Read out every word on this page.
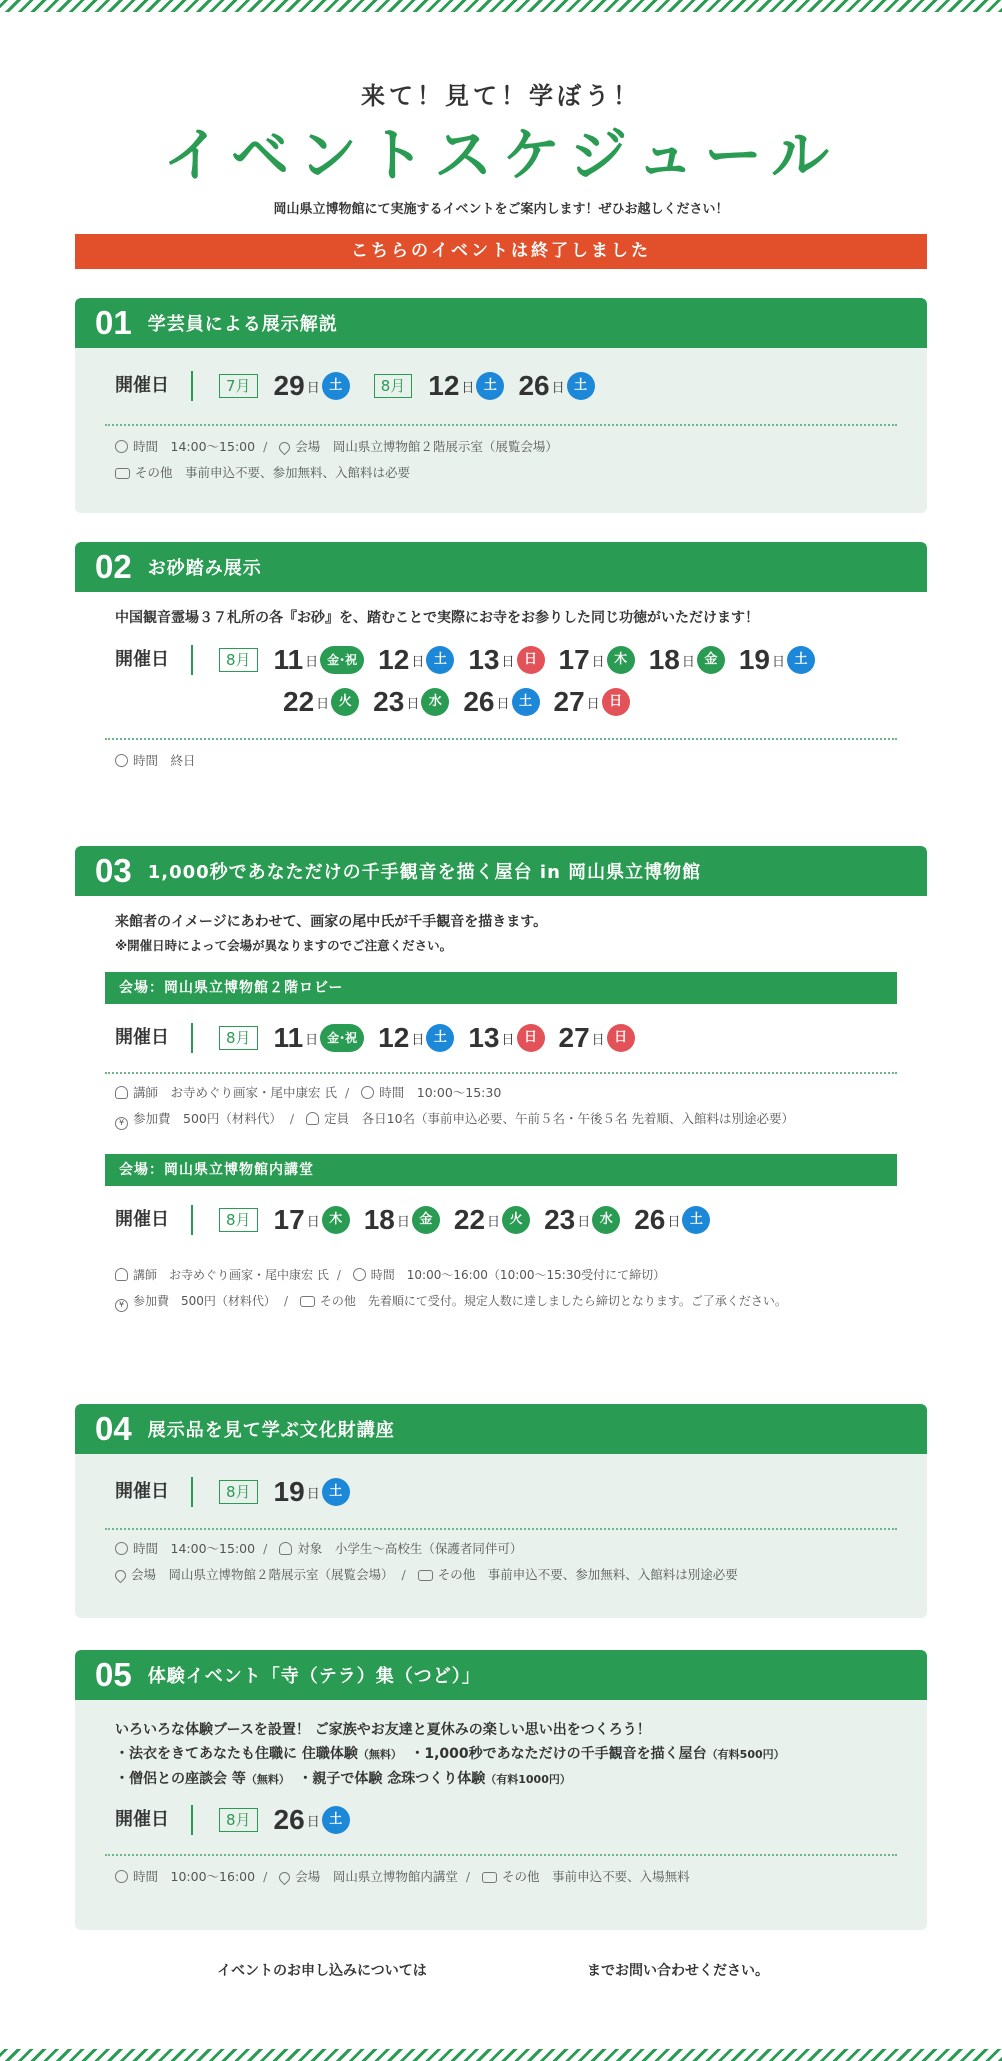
来て！見て！学ぼう！
イベントスケジュール
岡山県立博物館にて実施するイベントをご案内します！ぜひお越しください！
こちらのイベントは終了しました
01 学芸員による展示解説
開催日	7月 29 日 土	8月 12 日 土 26 日 土
時間　 14:00〜15:00 / 会場　 岡山県立博物館２階展示室（展覧会場）
その他　 事前申込不要、参加無料、入館料は必要
02 お砂踏み展示
中国観音霊場３７札所の各『お砂』を、踏むことで実際にお寺をお参りした同じ功徳がいただけます！
開催日	8月 11 日 金･祝 12 日 土 13 日 日 17 日 木 18 日 金 19 日 土
22 日 火 23 日 水 26 日 土 27 日 日
時間　 終日
03 1,000秒であなただけの千手観音を描く屋台 in 岡山県立博物館
来館者のイメージにあわせて、画家の尾中氏が千手観音を描きます。
※開催日時によって会場が異なりますのでご注意ください。
会場：岡山県立博物館２階ロビー
開催日	8月 11 日 金･祝 12 日 土 13 日 日 27 日 日
講師　 お寺めぐり画家・尾中康宏 氏 / 時間　 10:00〜15:30
¥ 参加費　 500円（材料代） / 定員　 各日10名（事前申込必要、午前５名・午後５名 先着順、入館料は別途必要）
会場：岡山県立博物館内講堂
開催日	8月 17 日 木 18 日 金 22 日 火 23 日 水 26 日 土
講師　 お寺めぐり画家・尾中康宏 氏 / 時間　 10:00〜16:00（10:00〜15:30受付にて締切）
¥ 参加費　 500円（材料代） /	その他　 先着順にて受付。規定人数に達しましたら締切となります。ご了承ください。
04 展示品を見て学ぶ文化財講座
開催日	8月 19 日 土
時間　 14:00〜15:00 / 対象　 小学生〜高校生（保護者同伴可）
会場　 岡山県立博物館２階展示室（展覧会場） /	その他　 事前申込不要、参加無料、入館料は別途必要
05 体験イベント「寺（テラ）集（つど）」
いろいろな体験ブースを設置！ ご家族やお友達と夏休みの楽しい思い出をつくろう！
・法衣をきてあなたも住職に 住職体験（無料）　・1,000秒であなただけの千手観音を描く屋台（有料500円）
・僧侶との座談会 等（無料）　・親子で体験 念珠つくり体験（有料1000円）
開催日	8月 26 日 土
時間　 10:00〜16:00 / 会場　 岡山県立博物館内講堂 /	その他　 事前申込不要、入場無料
イベントのお申し込みについては	までお問い合わせください。
